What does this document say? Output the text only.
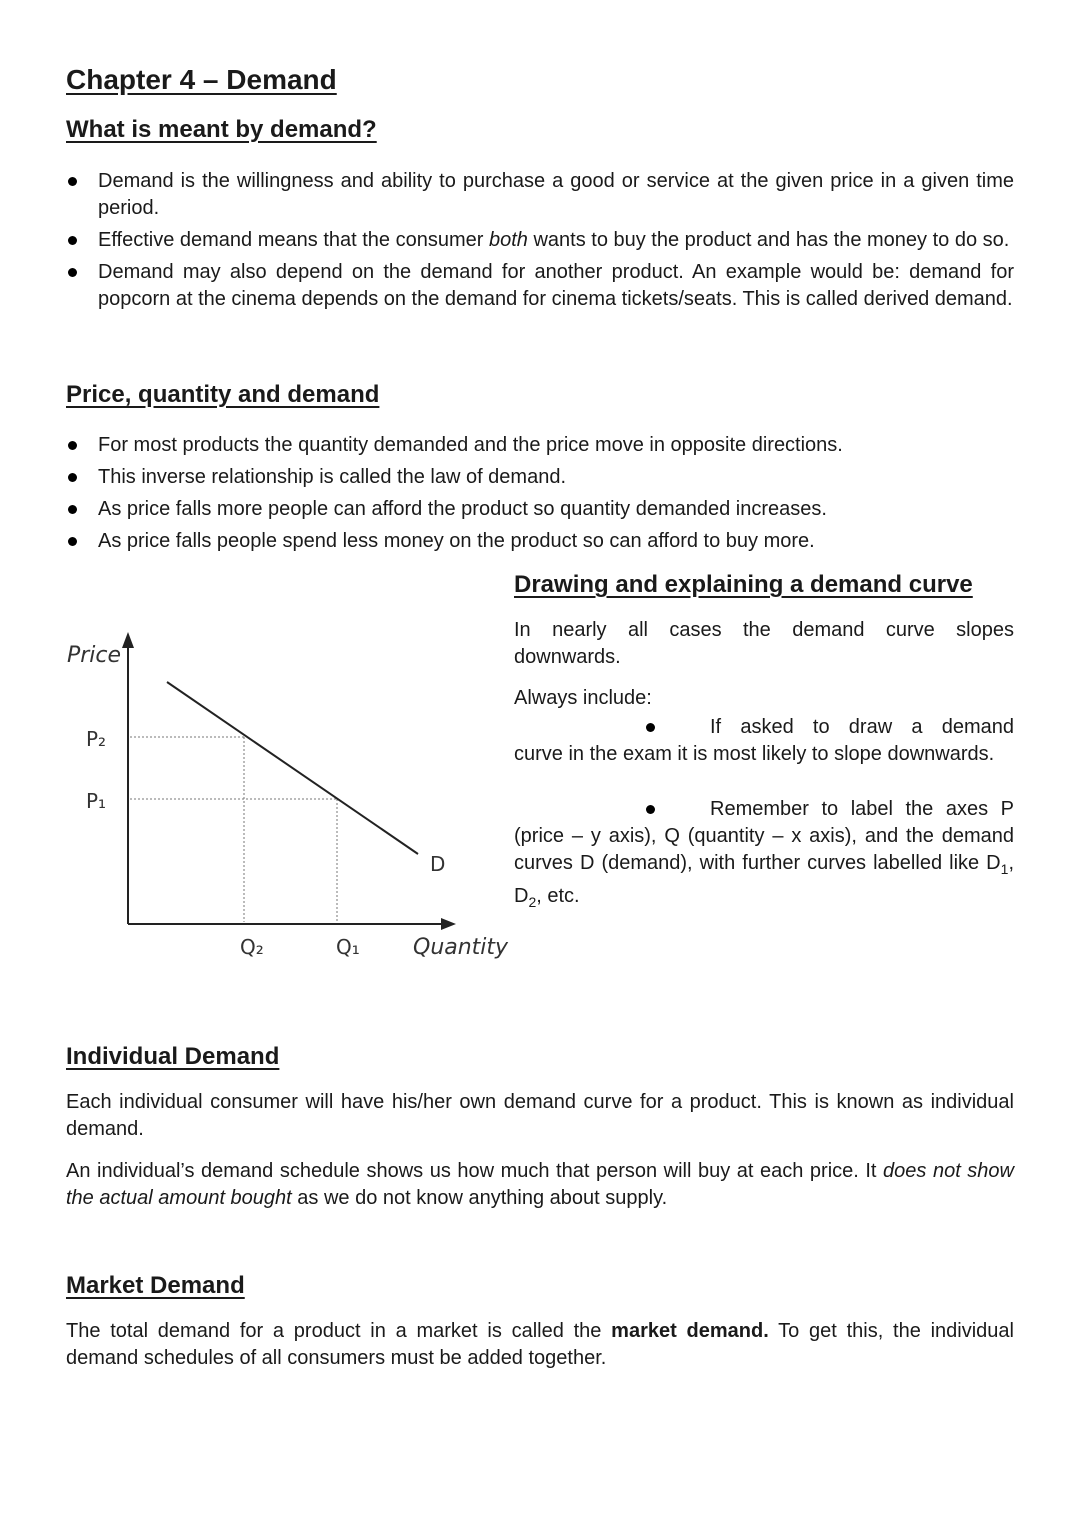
Chapter 4 – Demand
What is meant by demand?
Demand is the willingness and ability to purchase a good or service at the given price in a given time period.
Effective demand means that the consumer both wants to buy the product and has the money to do so.
Demand may also depend on the demand for another product. An example would be: demand for popcorn at the cinema depends on the demand for cinema tickets/seats. This is called derived demand.
Price, quantity and demand
For most products the quantity demanded and the price move in opposite directions.
This inverse relationship is called the law of demand.
As price falls more people can afford the product so quantity demanded increases.
As price falls people spend less money on the product so can afford to buy more.
Drawing and explaining a demand curve

In nearly all cases the demand curve slopes downwards.

Always include:

If asked to draw a demand

curve in the exam it is most likely to slope downwards.

Remember to label the axes P

(price – y axis), Q (quantity – x axis), and the demand curves D (demand), with further curves labelled like $D_1$, $D_2$, etc.

Price
Quantity
D
P₂
P₁
Q₂	Q₁
Individual Demand

Each individual consumer will have his/her own demand curve for a product. This is known as individual demand.

An individual’s demand schedule shows us how much that person will buy at each price. It does not show the actual amount bought as we do not know anything about supply.

Market Demand

The total demand for a product in a market is called the market demand. To get this, the individual demand schedules of all consumers must be added together.
